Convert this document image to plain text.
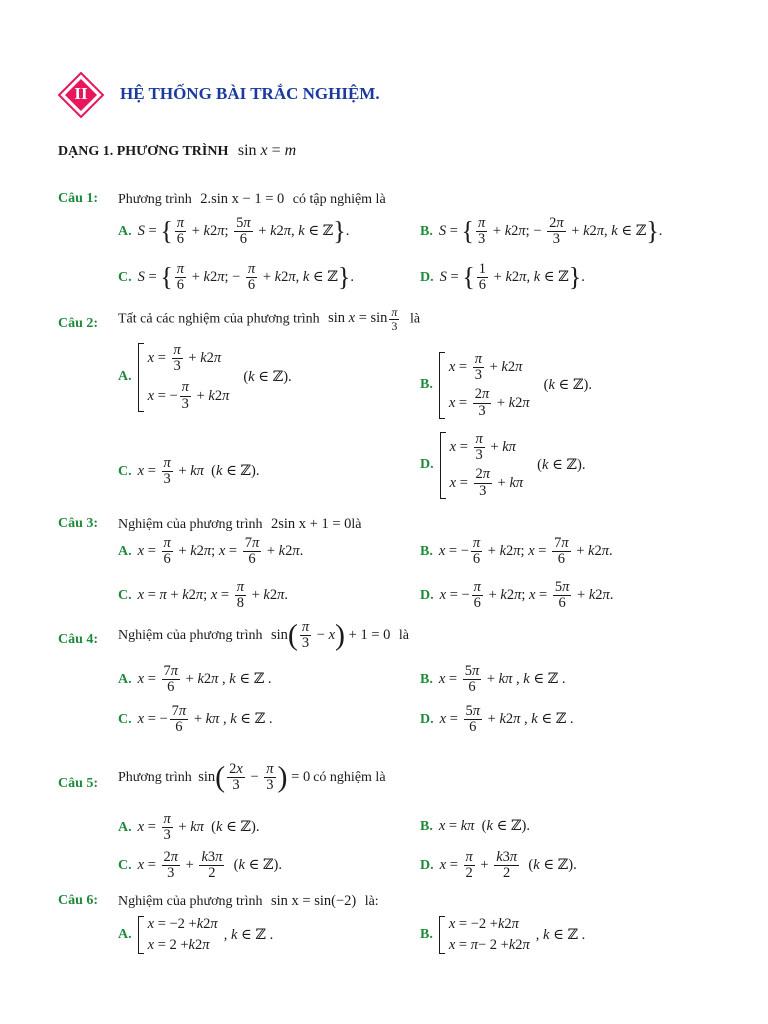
II	HỆ THỐNG BÀI TRẮC NGHIỆM.
DẠNG 1. PHƯƠNG TRÌNH sin x = m
Câu 1: Phương trình 2.sin x − 1 = 0 có tập nghiệm là
A. S = { $\frac{\pi}{6} + k2\pi$; $\frac{5\pi}{6} + k2\pi$, k ∈ ℤ}.	B. S = { $\frac{\pi}{3} + k2\pi$; − $\frac{2\pi}{3} + k2\pi$, k ∈ ℤ}.
C. S = { $\frac{\pi}{6} + k2\pi$; − $\frac{\pi}{6} + k2\pi$, k ∈ ℤ}.	D. S = { $\frac{1}{6} + k2\pi$, k ∈ ℤ}.
Câu 2: Tất cả các nghiệm của phương trình $\sin x = \sin \frac{\pi}{3}$ là
A.
$x = \frac{\pi}{3} + k$ 2 π
x = − $\frac{\pi}{3} + k$ 2 π
(k ∈ ℤ).	B.
$x = \frac{\pi}{3} + k$ 2 π
$x = \frac{2\pi}{3} + k$ 2 π
(k ∈ ℤ).
C. $x = \frac{\pi}{3} + k\pi$  (k ∈ ℤ).	D.
$x = \frac{\pi}{3} + k\pi$
$x = \frac{2\pi}{3} + k\pi$
(k ∈ ℤ).
Câu 3: Nghiệm của phương trình 2sin x + 1 = 0là
A. $x = \frac{\pi}{6} + k2\pi$; $x = \frac{7\pi}{6} + k2\pi$.	B. x = − $\frac{\pi}{6} + k2\pi$; $x = \frac{7\pi}{6} + k2\pi$.
C. x = π + k2π; $x = \frac{\pi}{8} + k2\pi$.	D. x = − $\frac{\pi}{6} + k2\pi$; $x = \frac{5\pi}{6} + k2\pi$.
Câu 4: Nghiệm của phương trình $\sin( \frac{\pi}{3} - x) + 1 = 0$ là
A. $x = \frac{7\pi}{6} + k2\pi$ , k ∈ ℤ .	B. $x = \frac{5\pi}{6} + k\pi$ , k ∈ ℤ .
C. x = − $\frac{7\pi}{6} + k\pi$ , k ∈ ℤ .	D. $x = \frac{5\pi}{6} + k2\pi$ , k ∈ ℤ .
Câu 5: Phương trình $\sin( \frac{2x}{3} - \frac{\pi}{3}$ ) = 0 có nghiệm là
A. $x = \frac{\pi}{3} + k\pi$  (k ∈ ℤ).	B. x = kπ  (k ∈ ℤ).
C. $x = \frac{2\pi}{3} + \frac{k3\pi}{2} (k$ ∈ ℤ).	D. $x = \frac{\pi}{2} + \frac{k3\pi}{2} (k$ ∈ ℤ).
Câu 6: Nghiệm của phương trình sin x = sin(−2) là:
A.
x = −2 + k 2 π
x = 2 + k 2 π
, k ∈ ℤ .	B.
x = −2 + k 2 π
x = π − 2 + k 2 π
, k ∈ ℤ .
